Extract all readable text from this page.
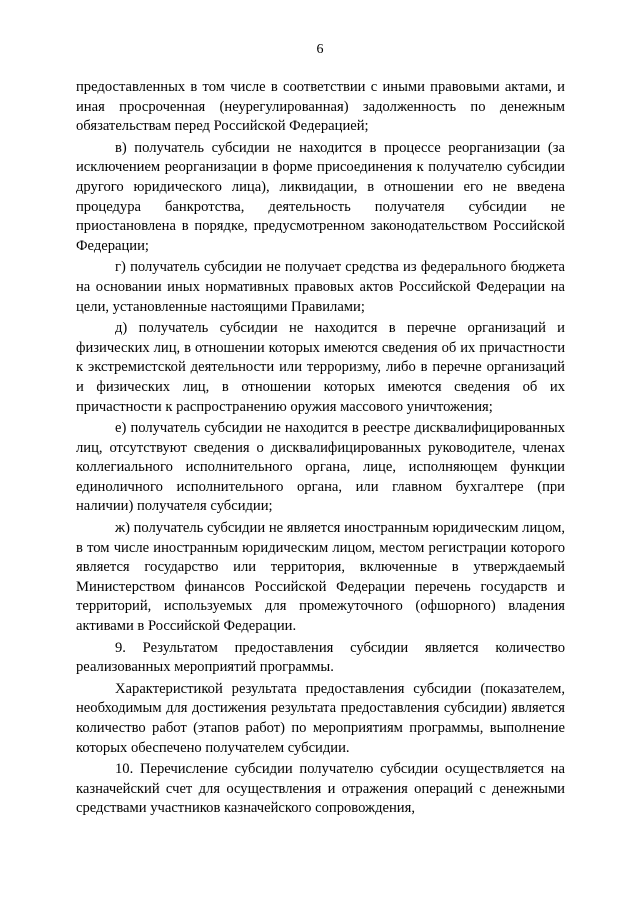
6

предоставленных в том числе в соответствии с иными правовыми актами, и иная просроченная (неурегулированная) задолженность по денежным обязательствам перед Российской Федерацией;

в) получатель субсидии не находится в процессе реорганизации (за исключением реорганизации в форме присоединения к получателю субсидии другого юридического лица), ликвидации, в отношении его не введена процедура банкротства, деятельность получателя субсидии не приостановлена в порядке, предусмотренном законодательством Российской Федерации;

г) получатель субсидии не получает средства из федерального бюджета на основании иных нормативных правовых актов Российской Федерации на цели, установленные настоящими Правилами;

д) получатель субсидии не находится в перечне организаций и физических лиц, в отношении которых имеются сведения об их причастности к экстремистской деятельности или терроризму, либо в перечне организаций и физических лиц, в отношении которых имеются сведения об их причастности к распространению оружия массового уничтожения;

е) получатель субсидии не находится в реестре дисквалифицированных лиц, отсутствуют сведения о дисквалифицированных руководителе, членах коллегиального исполнительного органа, лице, исполняющем функции единоличного исполнительного органа, или главном бухгалтере (при наличии) получателя субсидии;

ж) получатель субсидии не является иностранным юридическим лицом, в том числе иностранным юридическим лицом, местом регистрации которого является государство или территория, включенные в утверждаемый Министерством финансов Российской Федерации перечень государств и территорий, используемых для промежуточного (офшорного) владения активами в Российской Федерации.

9. Результатом предоставления субсидии является количество реализованных мероприятий программы.

Характеристикой результата предоставления субсидии (показателем, необходимым для достижения результата предоставления субсидии) является количество работ (этапов работ) по мероприятиям программы, выполнение которых обеспечено получателем субсидии.

10. Перечисление субсидии получателю субсидии осуществляется на казначейский счет для осуществления и отражения операций с денежными средствами участников казначейского сопровождения,
